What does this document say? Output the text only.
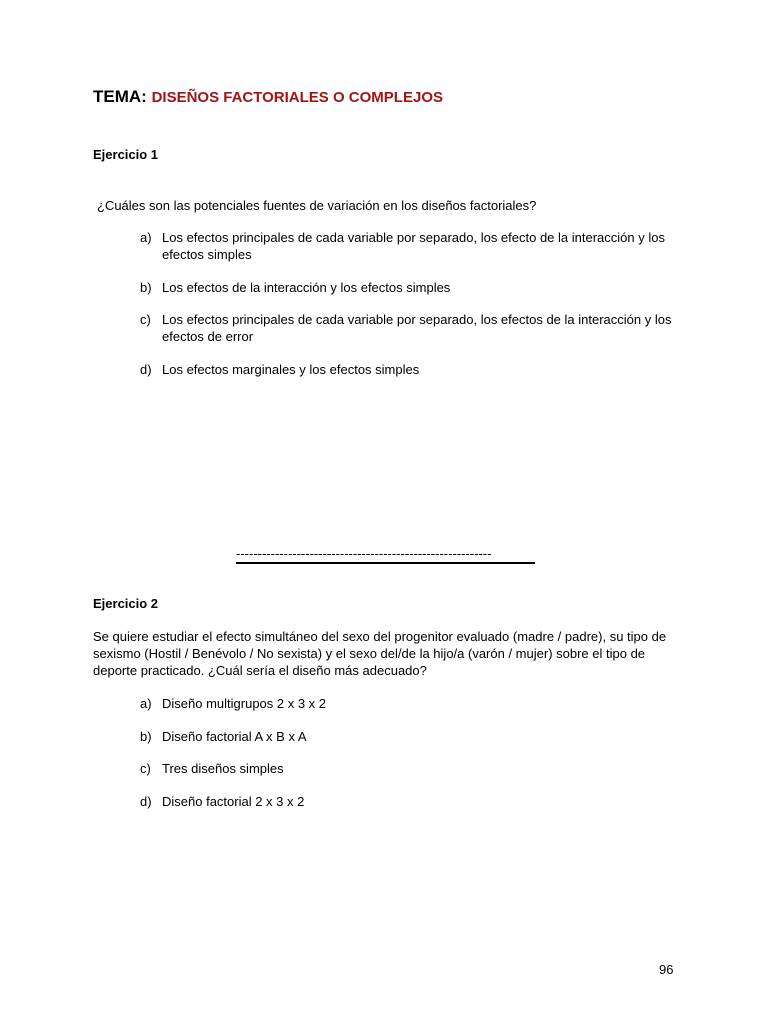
TEMA: DISEÑOS FACTORIALES O COMPLEJOS
Ejercicio 1
¿Cuáles son las potenciales fuentes de variación en los diseños factoriales?
a) Los efectos principales de cada variable por separado, los efecto de la interacción y los efectos simples
b) Los efectos de la interacción y los efectos simples
c) Los efectos principales de cada variable por separado, los efectos de la interacción y los efectos de error
d) Los efectos marginales y los efectos simples
-----------------------------------------------------------
Ejercicio 2
Se quiere estudiar el efecto simultáneo del sexo del progenitor evaluado (madre / padre), su tipo de sexismo (Hostil / Benévolo / No sexista) y el sexo del/de la hijo/a (varón / mujer) sobre el tipo de deporte practicado. ¿Cuál sería el diseño más adecuado?
a) Diseño multigrupos 2 x 3 x 2
b) Diseño factorial A x B x A
c) Tres diseños simples
d) Diseño factorial 2 x 3 x 2
96
